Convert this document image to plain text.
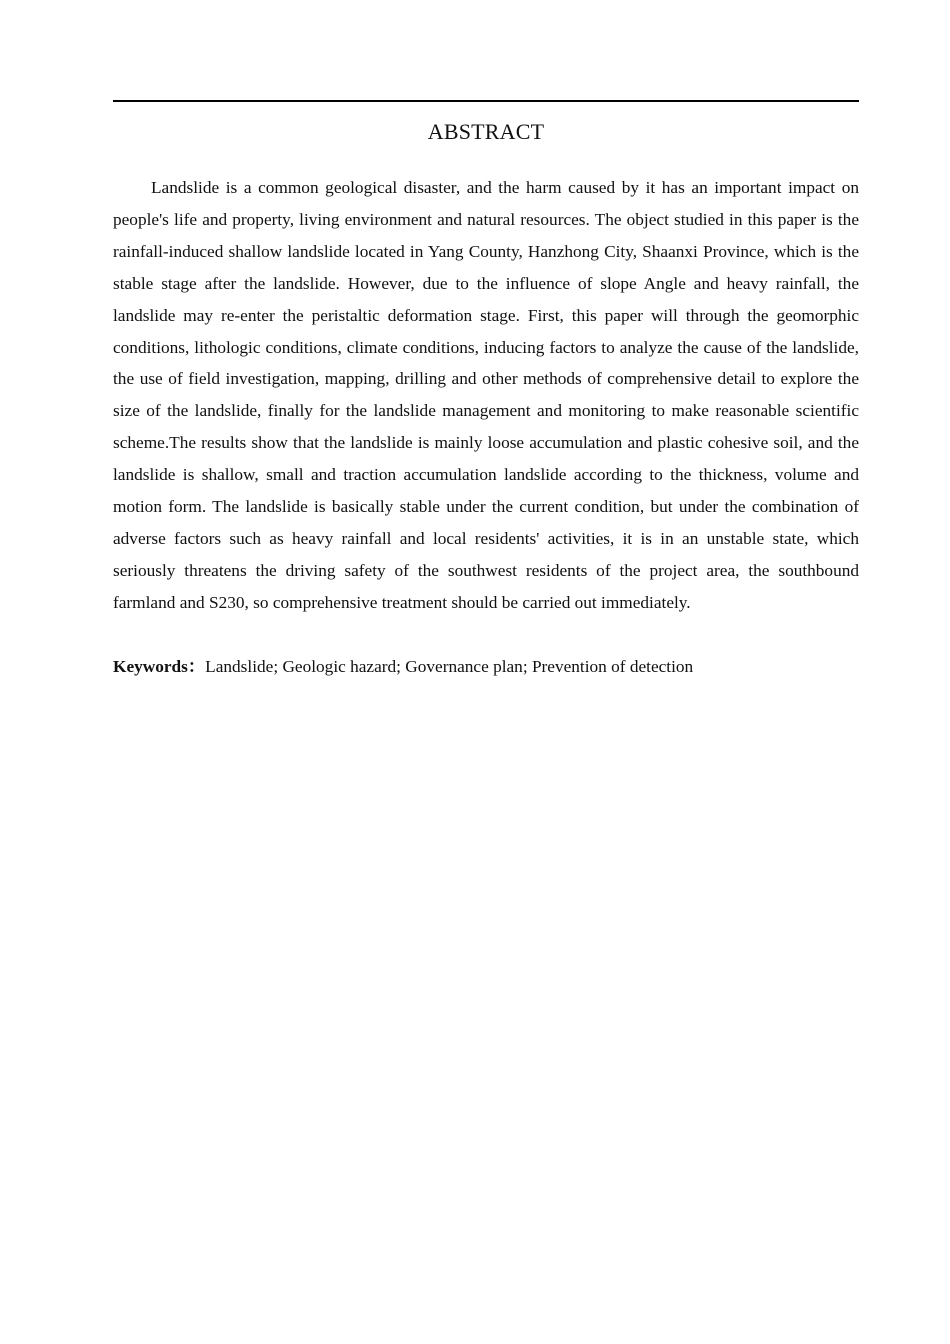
ABSTRACT

Landslide is a common geological disaster, and the harm caused by it has an important impact on people's life and property, living environment and natural resources. The object studied in this paper is the rainfall-induced shallow landslide located in Yang County, Hanzhong City, Shaanxi Province, which is the stable stage after the landslide. However, due to the influence of slope Angle and heavy rainfall, the landslide may re-enter the peristaltic deformation stage. First, this paper will through the geomorphic conditions, lithologic conditions, climate conditions, inducing factors to analyze the cause of the landslide, the use of field investigation, mapping, drilling and other methods of comprehensive detail to explore the size of the landslide, finally for the landslide management and monitoring to make reasonable scientific scheme.The results show that the landslide is mainly loose accumulation and plastic cohesive soil, and the landslide is shallow, small and traction accumulation landslide according to the thickness, volume and motion form. The landslide is basically stable under the current condition, but under the combination of adverse factors such as heavy rainfall and local residents' activities, it is in an unstable state, which seriously threatens the driving safety of the southwest residents of the project area, the southbound farmland and S230, so comprehensive treatment should be carried out immediately.

Keywords：Landslide; Geologic hazard; Governance plan; Prevention of detection
